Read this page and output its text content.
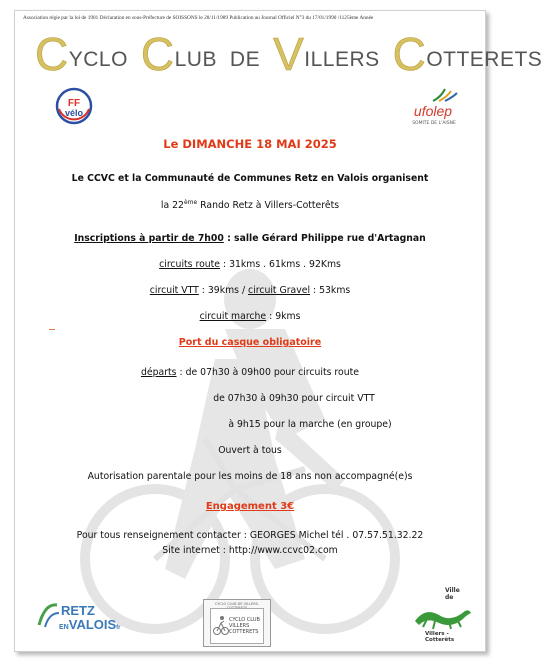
Association régie par la loi de 1901 Déclaration en sous-Préfecture de SOISSONS le 28/11/1989 Publication au Journal Officiel N°3 du 17/01/1990 /1125ème Année
CYCLO CLUB DE VILLERS COTTERETS
FF
vélo	ufolep
SOMITE DE L'AISNE
Le DIMANCHE 18 MAI 2025
Le CCVC et la Communauté de Communes Retz en Valois organisent
la 22ème Rando Retz à Villers-Cotterêts
Inscriptions à partir de 7h00 : salle Gérard Philippe rue d'Artagnan
circuits route : 31kms . 61kms . 92Kms
circuit VTT : 39kms / circuit Gravel : 53kms
circuit marche : 9kms
Port du casque obligatoire
départs : de 07h30 à 09h00 pour circuits route
de 07h30 à 09h30 pour circuit VTT
à 9h15 pour la marche (en groupe)
Ouvert à tous
Autorisation parentale pour les moins de 18 ans non accompagné(e)s
Engagement 3€
Pour tous renseignement contacter : GEORGES Michel tél . 07.57.51.32.22
Site internet : http://www.ccvc02.com
RETZ
ENVALOISfr
CYCLO CLUB DE VILLERS-
CYCLO CLUB
VILLERS
COTTERETS
Ville
de
Villers - Cotterêts
